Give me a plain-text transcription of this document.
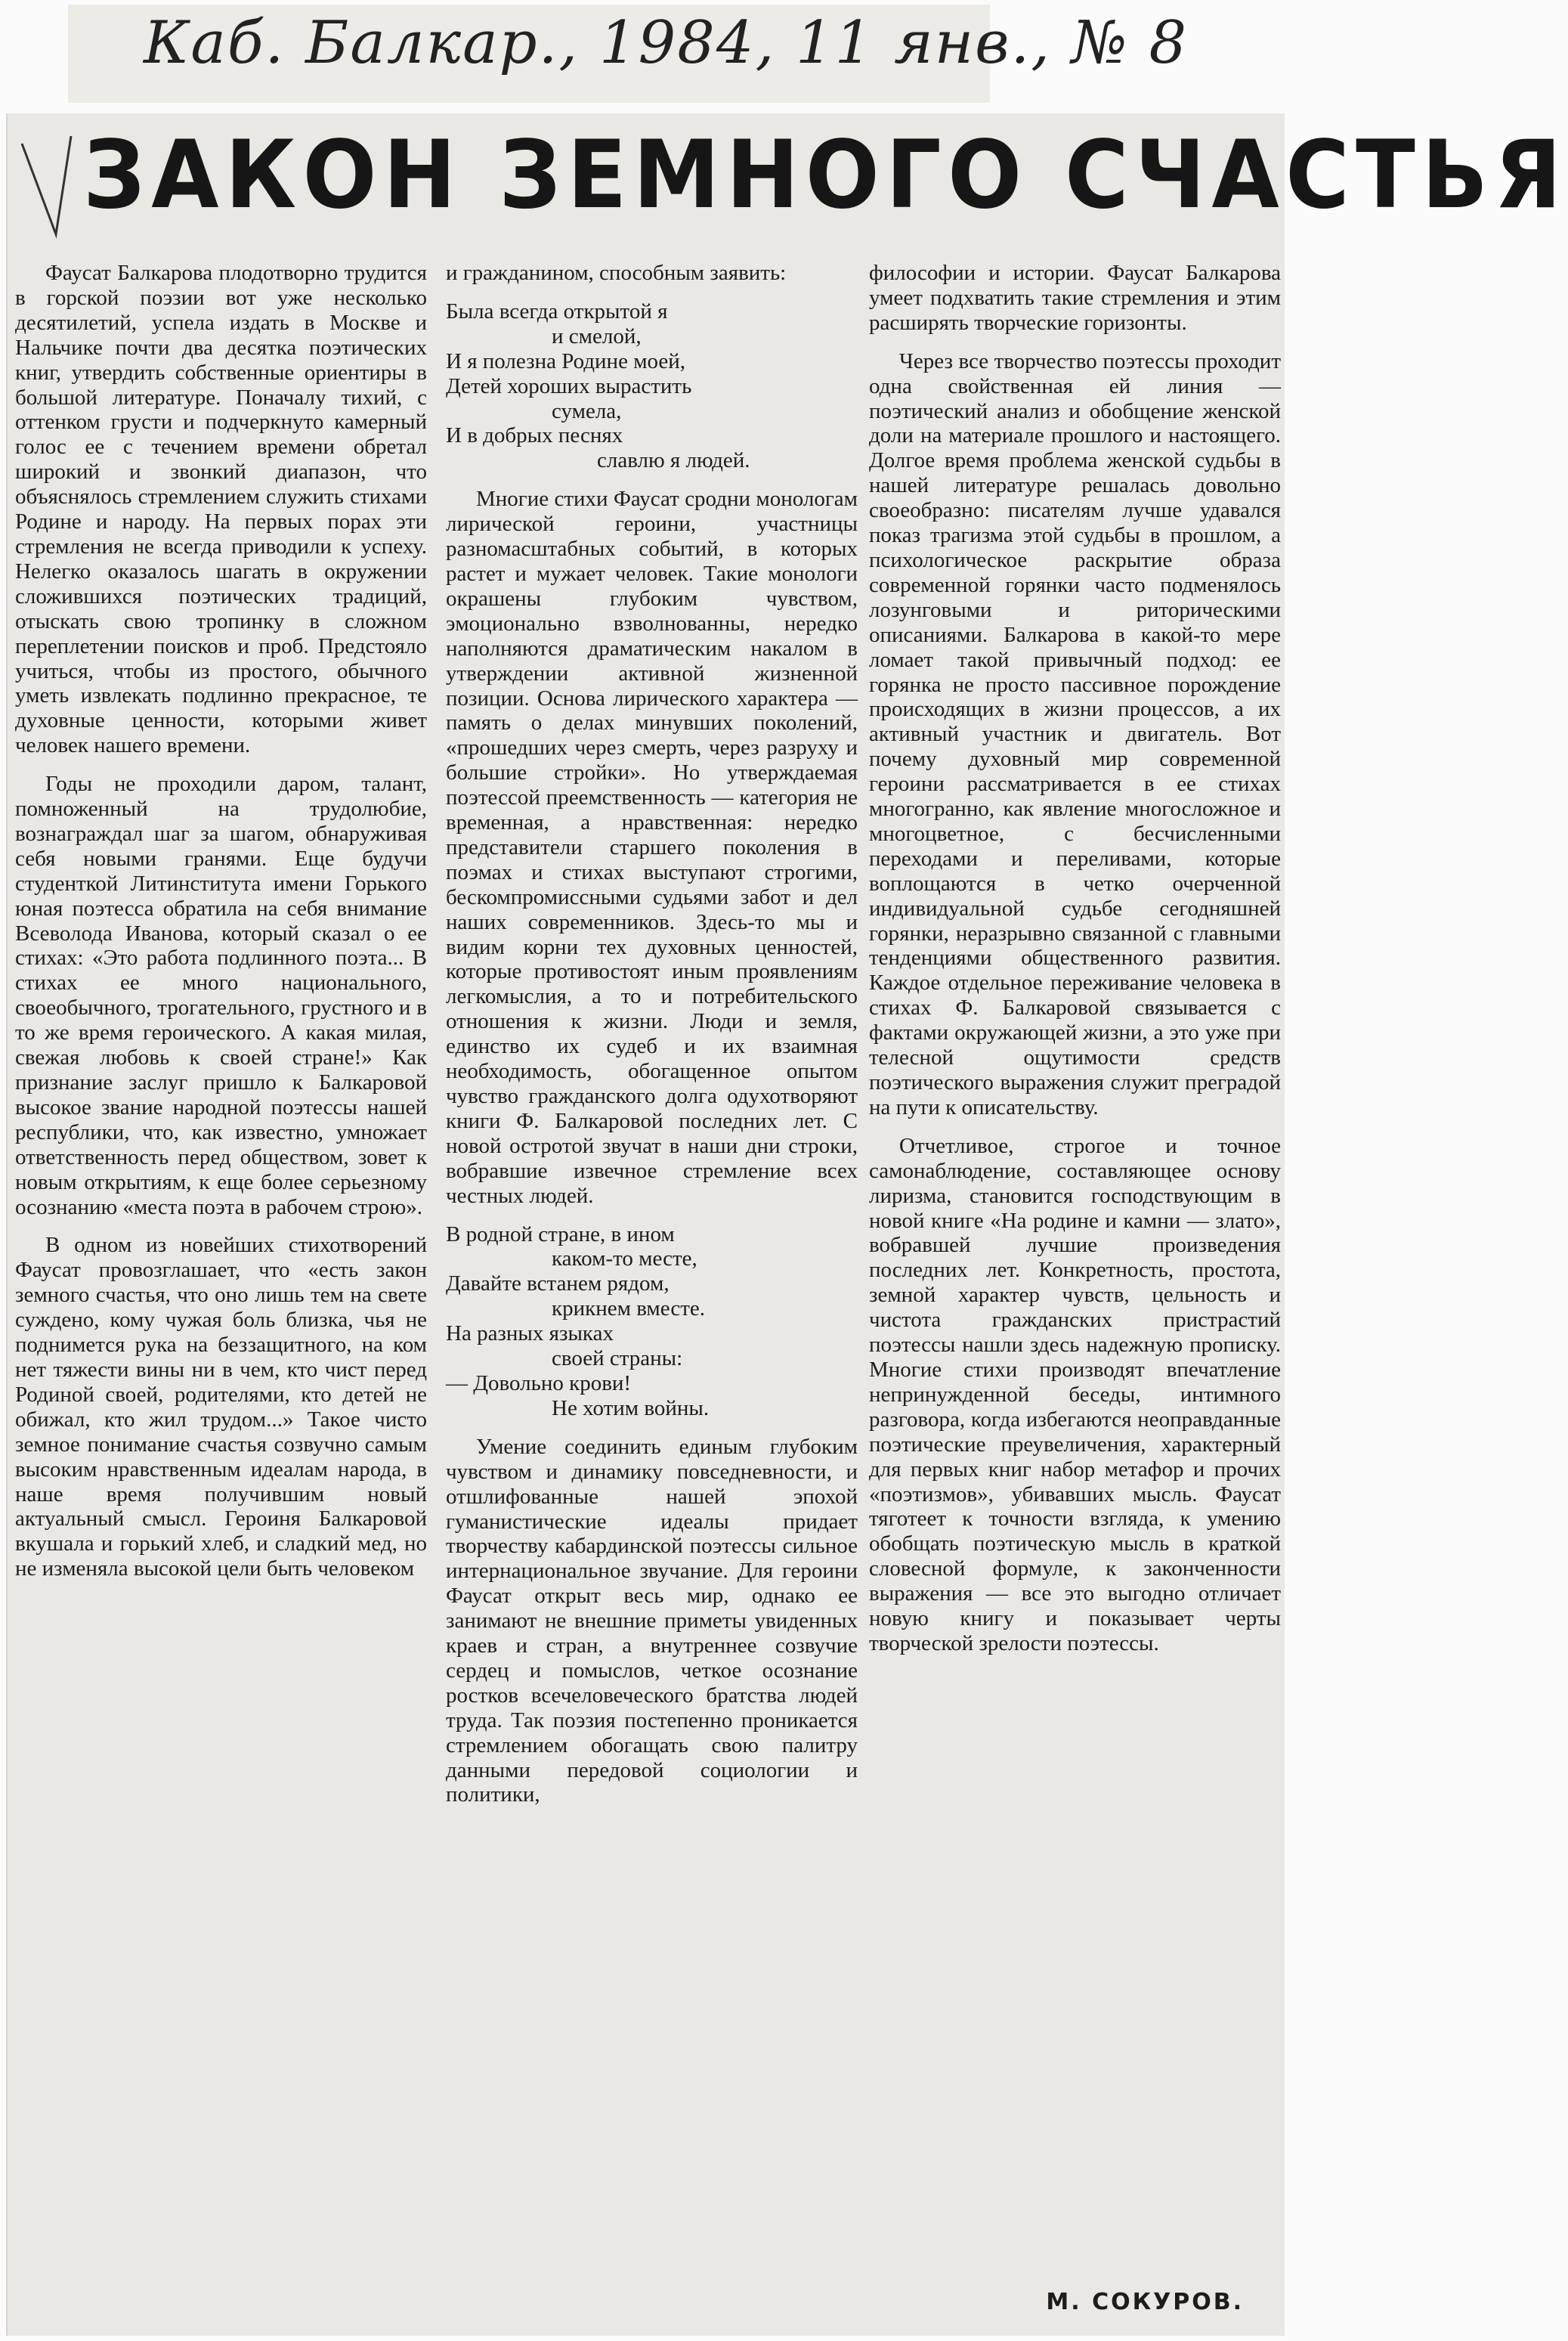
Каб. Балкар., 1984, 11 янв., № 8
ЗАКОН ЗЕМНОГО СЧАСТЬЯ

Фаусат Балкарова плодотворно трудится в горской поэзии вот уже несколько десятилетий, успела издать в Москве и Нальчике почти два десятка поэтических книг, утвердить собственные ориентиры в большой литературе. Поначалу тихий, с оттенком грусти и подчеркнуто камерный голос ее с течением времени обретал широкий и звонкий диапазон, что объяснялось стремлением служить стихами Родине и народу. На первых порах эти стремления не всегда приводили к успеху. Нелегко оказалось шагать в окружении сложившихся поэтических традиций, отыскать свою тропинку в сложном переплетении поисков и проб. Предстояло учиться, чтобы из простого, обычного уметь извлекать подлинно прекрасное, те духовные ценности, которыми живет человек нашего времени.

Годы не проходили даром, талант, помноженный на трудолюбие, вознаграждал шаг за шагом, обнаруживая себя новыми гранями. Еще будучи студенткой Литинститута имени Горького юная поэтесса обратила на себя внимание Всеволода Иванова, который сказал о ее стихах: «Это работа подлинного поэта... В стихах ее много национального, своеобычного, трогательного, грустного и в то же время героического. А какая милая, свежая любовь к своей стране!» Как признание заслуг пришло к Балкаровой высокое звание народной поэтессы нашей республики, что, как известно, умножает ответственность перед обществом, зовет к новым открытиям, к еще более серьезному осознанию «места поэта в рабочем строю».

В одном из новейших стихотворений Фаусат провозглашает, что «есть закон земного счастья, что оно лишь тем на свете суждено, кому чужая боль близка, чья не поднимется рука на беззащитного, на ком нет тяжести вины ни в чем, кто чист перед Родиной своей, родителями, кто детей не обижал, кто жил трудом...» Такое чисто земное понимание счастья созвучно самым высоким нравственным идеалам народа, в наше время получившим новый актуальный смысл. Героиня Балкаровой вкушала и горький хлеб, и сладкий мед, но не изменяла высокой цели быть человеком

и гражданином, способным заявить:

Была всегда открытой я
и смелой,
И я полезна Родине моей,
Детей хороших вырастить
сумела,
И в добрых песнях
славлю я людей.

Многие стихи Фаусат сродни монологам лирической героини, участницы разномасштабных событий, в которых растет и мужает человек. Такие монологи окрашены глубоким чувством, эмоционально взволнованны, нередко наполняются драматическим накалом в утверждении активной жизненной позиции. Основа лирического характера — память о делах минувших поколений, «прошедших через смерть, через разруху и большие стройки». Но утверждаемая поэтессой преемственность — категория не временная, а нравственная: нередко представители старшего поколения в поэмах и стихах выступают строгими, бескомпромиссными судьями забот и дел наших современников. Здесь-то мы и видим корни тех духовных ценностей, которые противостоят иным проявлениям легкомыслия, а то и потребительского отношения к жизни. Люди и земля, единство их судеб и их взаимная необходимость, обогащенное опытом чувство гражданского долга одухотворяют книги Ф. Балкаровой последних лет. С новой остротой звучат в наши дни строки, вобравшие извечное стремление всех честных людей.

В родной стране, в ином
каком-то месте,
Давайте встанем рядом,
крикнем вместе.
На разных языках
своей страны:
— Довольно крови!
Не хотим войны.

Умение соединить единым глубоким чувством и динамику повседневности, и отшлифованные нашей эпохой гуманистические идеалы придает творчеству кабардинской поэтессы сильное интернациональное звучание. Для героини Фаусат открыт весь мир, однако ее занимают не внешние приметы увиденных краев и стран, а внутреннее созвучие сердец и помыслов, четкое осознание ростков всечеловеческого братства людей труда. Так поэзия постепенно проникается стремлением обогащать свою палитру данными передовой социологии и политики,

философии и истории. Фаусат Балкарова умеет подхватить такие стремления и этим расширять творческие горизонты.

Через все творчество поэтессы проходит одна свойственная ей линия — поэтический анализ и обобщение женской доли на материале прошлого и настоящего. Долгое время проблема женской судьбы в нашей литературе решалась довольно своеобразно: писателям лучше удавался показ трагизма этой судьбы в прошлом, а психологическое раскрытие образа современной горянки часто подменялось лозунговыми и риторическими описаниями. Балкарова в какой-то мере ломает такой привычный подход: ее горянка не просто пассивное порождение происходящих в жизни процессов, а их активный участник и двигатель. Вот почему духовный мир современной героини рассматривается в ее стихах многогранно, как явление многосложное и многоцветное, с бесчисленными переходами и переливами, которые воплощаются в четко очерченной индивидуальной судьбе сегодняшней горянки, неразрывно связанной с главными тенденциями общественного развития. Каждое отдельное переживание человека в стихах Ф. Балкаровой связывается с фактами окружающей жизни, а это уже при телесной ощутимости средств поэтического выражения служит преградой на пути к описательству.

Отчетливое, строгое и точное самонаблюдение, составляющее основу лиризма, становится господствующим в новой книге «На родине и камни — злато», вобравшей лучшие произведения последних лет. Конкретность, простота, земной характер чувств, цельность и чистота гражданских пристрастий поэтессы нашли здесь надежную прописку. Многие стихи производят впечатление непринужденной беседы, интимного разговора, когда избегаются неоправданные поэтические преувеличения, характерный для первых книг набор метафор и прочих «поэтизмов», убивавших мысль. Фаусат тяготеет к точности взгляда, к умению обобщать поэтическую мысль в краткой словесной формуле, к законченности выражения — все это выгодно отличает новую книгу и показывает черты творческой зрелости поэтессы.

М. СОКУРОВ.
